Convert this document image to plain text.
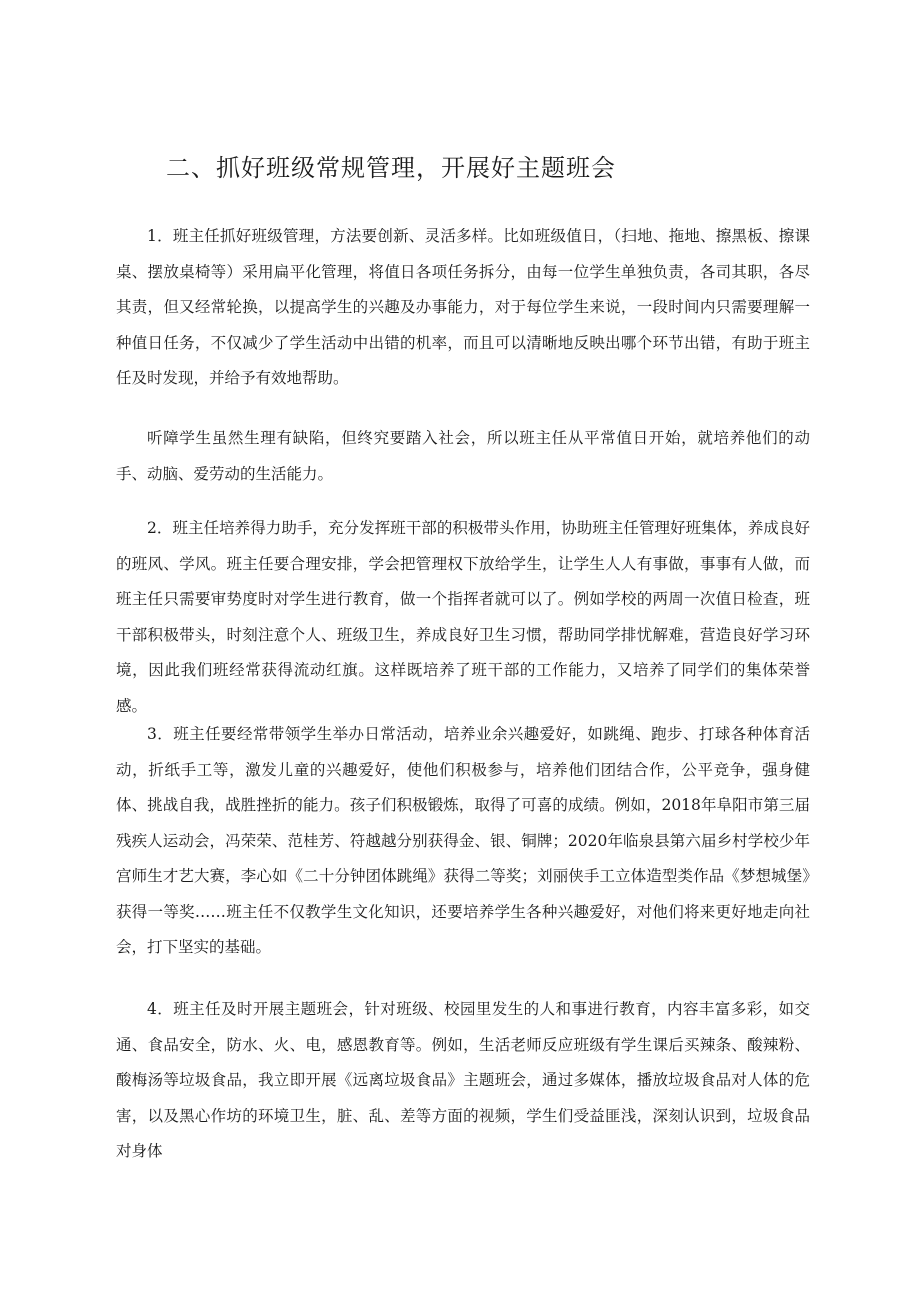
二、抓好班级常规管理，开展好主题班会

1．班主任抓好班级管理，方法要创新、灵活多样。比如班级值日，（扫地、拖地、擦黑板、擦课桌、摆放桌椅等）采用扁平化管理，将值日各项任务拆分，由每一位学生单独负责，各司其职，各尽其责，但又经常轮换，以提高学生的兴趣及办事能力，对于每位学生来说，一段时间内只需要理解一种值日任务，不仅减少了学生活动中出错的机率，而且可以清晰地反映出哪个环节出错，有助于班主任及时发现，并给予有效地帮助。

听障学生虽然生理有缺陷，但终究要踏入社会，所以班主任从平常值日开始，就培养他们的动手、动脑、爱劳动的生活能力。

2．班主任培养得力助手，充分发挥班干部的积极带头作用，协助班主任管理好班集体，养成良好的班风、学风。班主任要合理安排，学会把管理权下放给学生，让学生人人有事做，事事有人做，而班主任只需要审势度时对学生进行教育，做一个指挥者就可以了。例如学校的两周一次值日检查，班干部积极带头，时刻注意个人、班级卫生，养成良好卫生习惯，帮助同学排忧解难，营造良好学习环境，因此我们班经常获得流动红旗。这样既培养了班干部的工作能力，又培养了同学们的集体荣誉感。

3．班主任要经常带领学生举办日常活动，培养业余兴趣爱好，如跳绳、跑步、打球各种体育活动，折纸手工等，激发儿童的兴趣爱好，使他们积极参与，培养他们团结合作，公平竞争，强身健体、挑战自我，战胜挫折的能力。孩子们积极锻炼，取得了可喜的成绩。例如，2018年阜阳市第三届残疾人运动会，冯荣荣、范桂芳、符越越分别获得金、银、铜牌；2020年临泉县第六届乡村学校少年宫师生才艺大赛，李心如《二十分钟团体跳绳》获得二等奖；刘丽侠手工立体造型类作品《梦想城堡》获得一等奖……班主任不仅教学生文化知识，还要培养学生各种兴趣爱好，对他们将来更好地走向社会，打下坚实的基础。

4．班主任及时开展主题班会，针对班级、校园里发生的人和事进行教育，内容丰富多彩，如交通、食品安全，防水、火、电，感恩教育等。例如，生活老师反应班级有学生课后买辣条、酸辣粉、酸梅汤等垃圾食品，我立即开展《远离垃圾食品》主题班会，通过多媒体，播放垃圾食品对人体的危害，以及黑心作坊的环境卫生，脏、乱、差等方面的视频，学生们受益匪浅，深刻认识到，垃圾食品对身体
